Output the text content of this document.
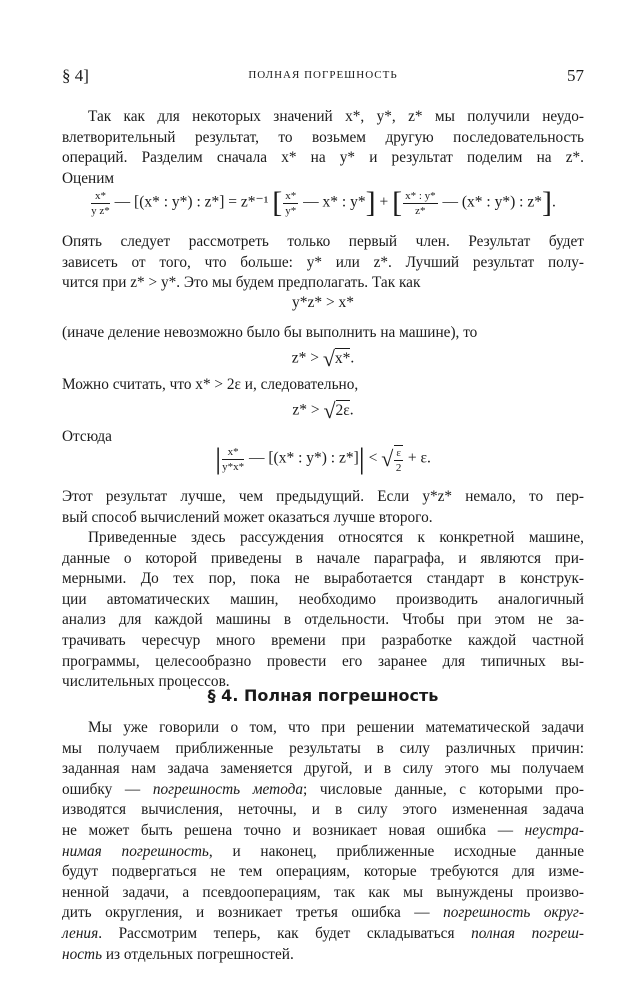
§ 4]	ПОЛНАЯ ПОГРЕШНОСТЬ	57
Так как для некоторых значений x*, y*, z* мы получили неудо-
влетворительный результат, то возьмем другую последовательность
операций. Разделим сначала x* на y* и результат поделим на z*.
Оценим
$\frac{x*}{\text{y z*}}$ — [(x* : y*) : z*] = z*⁻¹ [ $\frac{x*}{y*}$ — x* : y*] + [ $\frac{x* : y*}{z*}$ — (x* : y*) : z*].
Опять следует рассмотреть только первый член. Результат будет
зависеть от того, что больше: y* или z*. Лучший результат полу-
чится при z* > y*. Это мы будем предполагать. Так как
y*z* > x*
(иначе деление невозможно было бы выполнить на машине), то
z* > √x*.
Можно считать, что x* > 2ε и, следовательно,
z* > √2ε.
Отсюда
| $\frac{x*}{y*x*}$ — [(x* : y*) : z*]| < √ $\frac{\varepsilon}{2} + \varepsilon$.
Этот результат лучше, чем предыдущий. Если y*z* немало, то пер-
вый способ вычислений может оказаться лучше второго.
Приведенные здесь рассуждения относятся к конкретной машине,
данные о которой приведены в начале параграфа, и являются при-
мерными. До тех пор, пока не выработается стандарт в конструк-
ции автоматических машин, необходимо производить аналогичный
анализ для каждой машины в отдельности. Чтобы при этом не за-
трачивать чересчур много времени при разработке каждой частной
программы, целесообразно провести его заранее для типичных вы-
числительных процессов.
§ 4. Полная погрешность
Мы уже говорили о том, что при решении математической задачи
мы получаем приближенные результаты в силу различных причин:
заданная нам задача заменяется другой, и в силу этого мы получаем
ошибку — погрешность метода; числовые данные, с которыми про-
изводятся вычисления, неточны, и в силу этого измененная задача
не может быть решена точно и возникает новая ошибка — неустра-
нимая погрешность, и наконец, приближенные исходные данные
будут подвергаться не тем операциям, которые требуются для изме-
ненной задачи, а псевдооперациям, так как мы вынуждены произво-
дить округления, и возникает третья ошибка — погрешность округ-
ления. Рассмотрим теперь, как будет складываться полная погреш-
ность из отдельных погрешностей.
